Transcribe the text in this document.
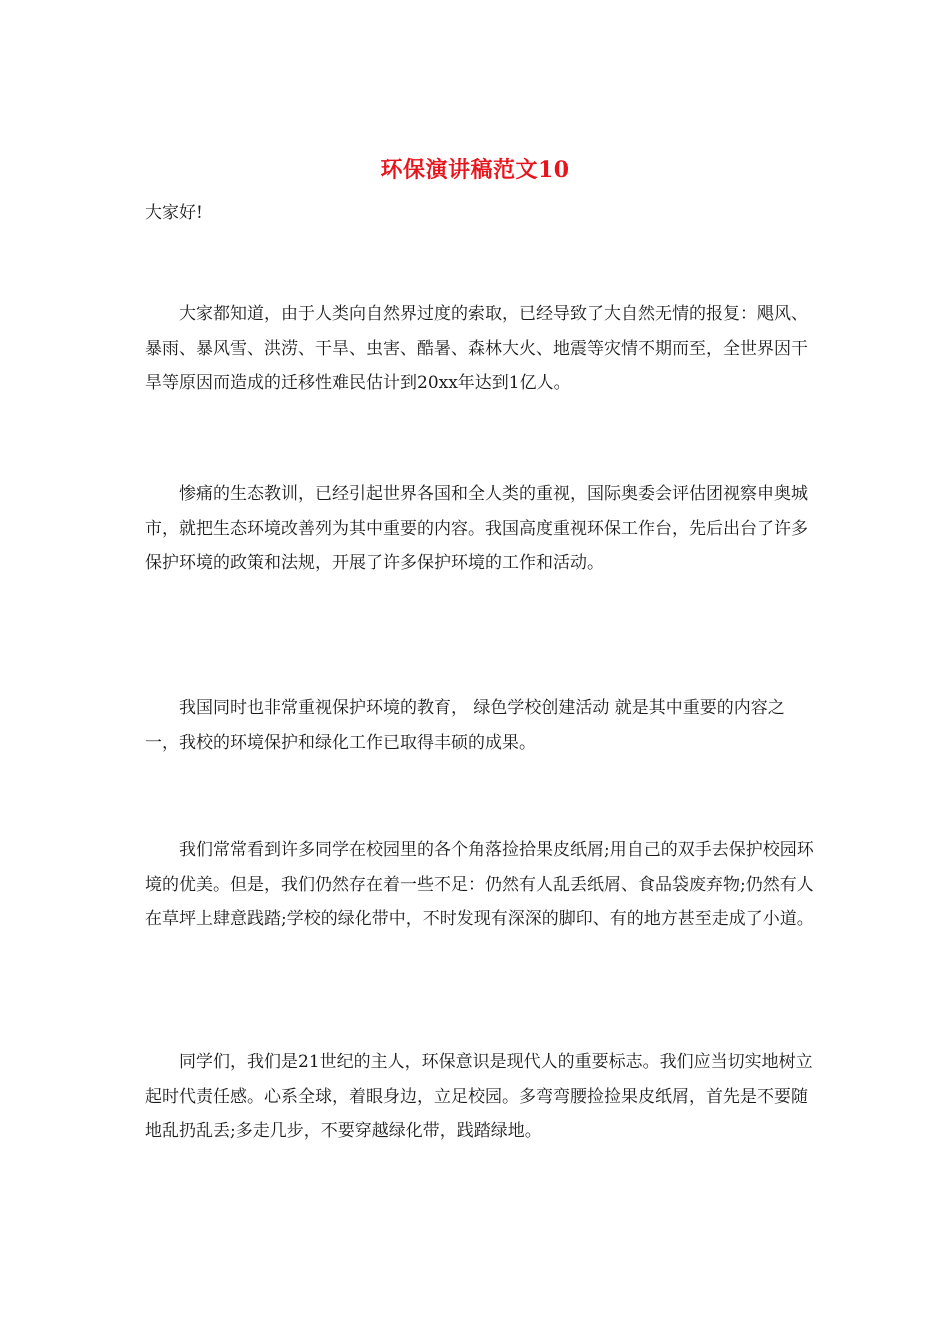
环保演讲稿范文10

大家好!

大家都知道，由于人类向自然界过度的索取，已经导致了大自然无情的报复：飓风、暴雨、暴风雪、洪涝、干旱、虫害、酷暑、森林大火、地震等灾情不期而至，全世界因干旱等原因而造成的迁移性难民估计到20xx年达到1亿人。

惨痛的生态教训，已经引起世界各国和全人类的重视，国际奥委会评估团视察申奥城市，就把生态环境改善列为其中重要的内容。我国高度重视环保工作台，先后出台了许多保护环境的政策和法规，开展了许多保护环境的工作和活动。

我国同时也非常重视保护环境的教育， 绿色学校创建活动 就是其中重要的内容之一，我校的环境保护和绿化工作已取得丰硕的成果。

我们常常看到许多同学在校园里的各个角落捡拾果皮纸屑;用自己的双手去保护校园环境的优美。但是，我们仍然存在着一些不足：仍然有人乱丢纸屑、食品袋废弃物;仍然有人在草坪上肆意践踏;学校的绿化带中，不时发现有深深的脚印、有的地方甚至走成了小道。

同学们，我们是21世纪的主人，环保意识是现代人的重要标志。我们应当切实地树立起时代责任感。心系全球，着眼身边，立足校园。多弯弯腰捡捡果皮纸屑，首先是不要随地乱扔乱丢;多走几步，不要穿越绿化带，践踏绿地。
